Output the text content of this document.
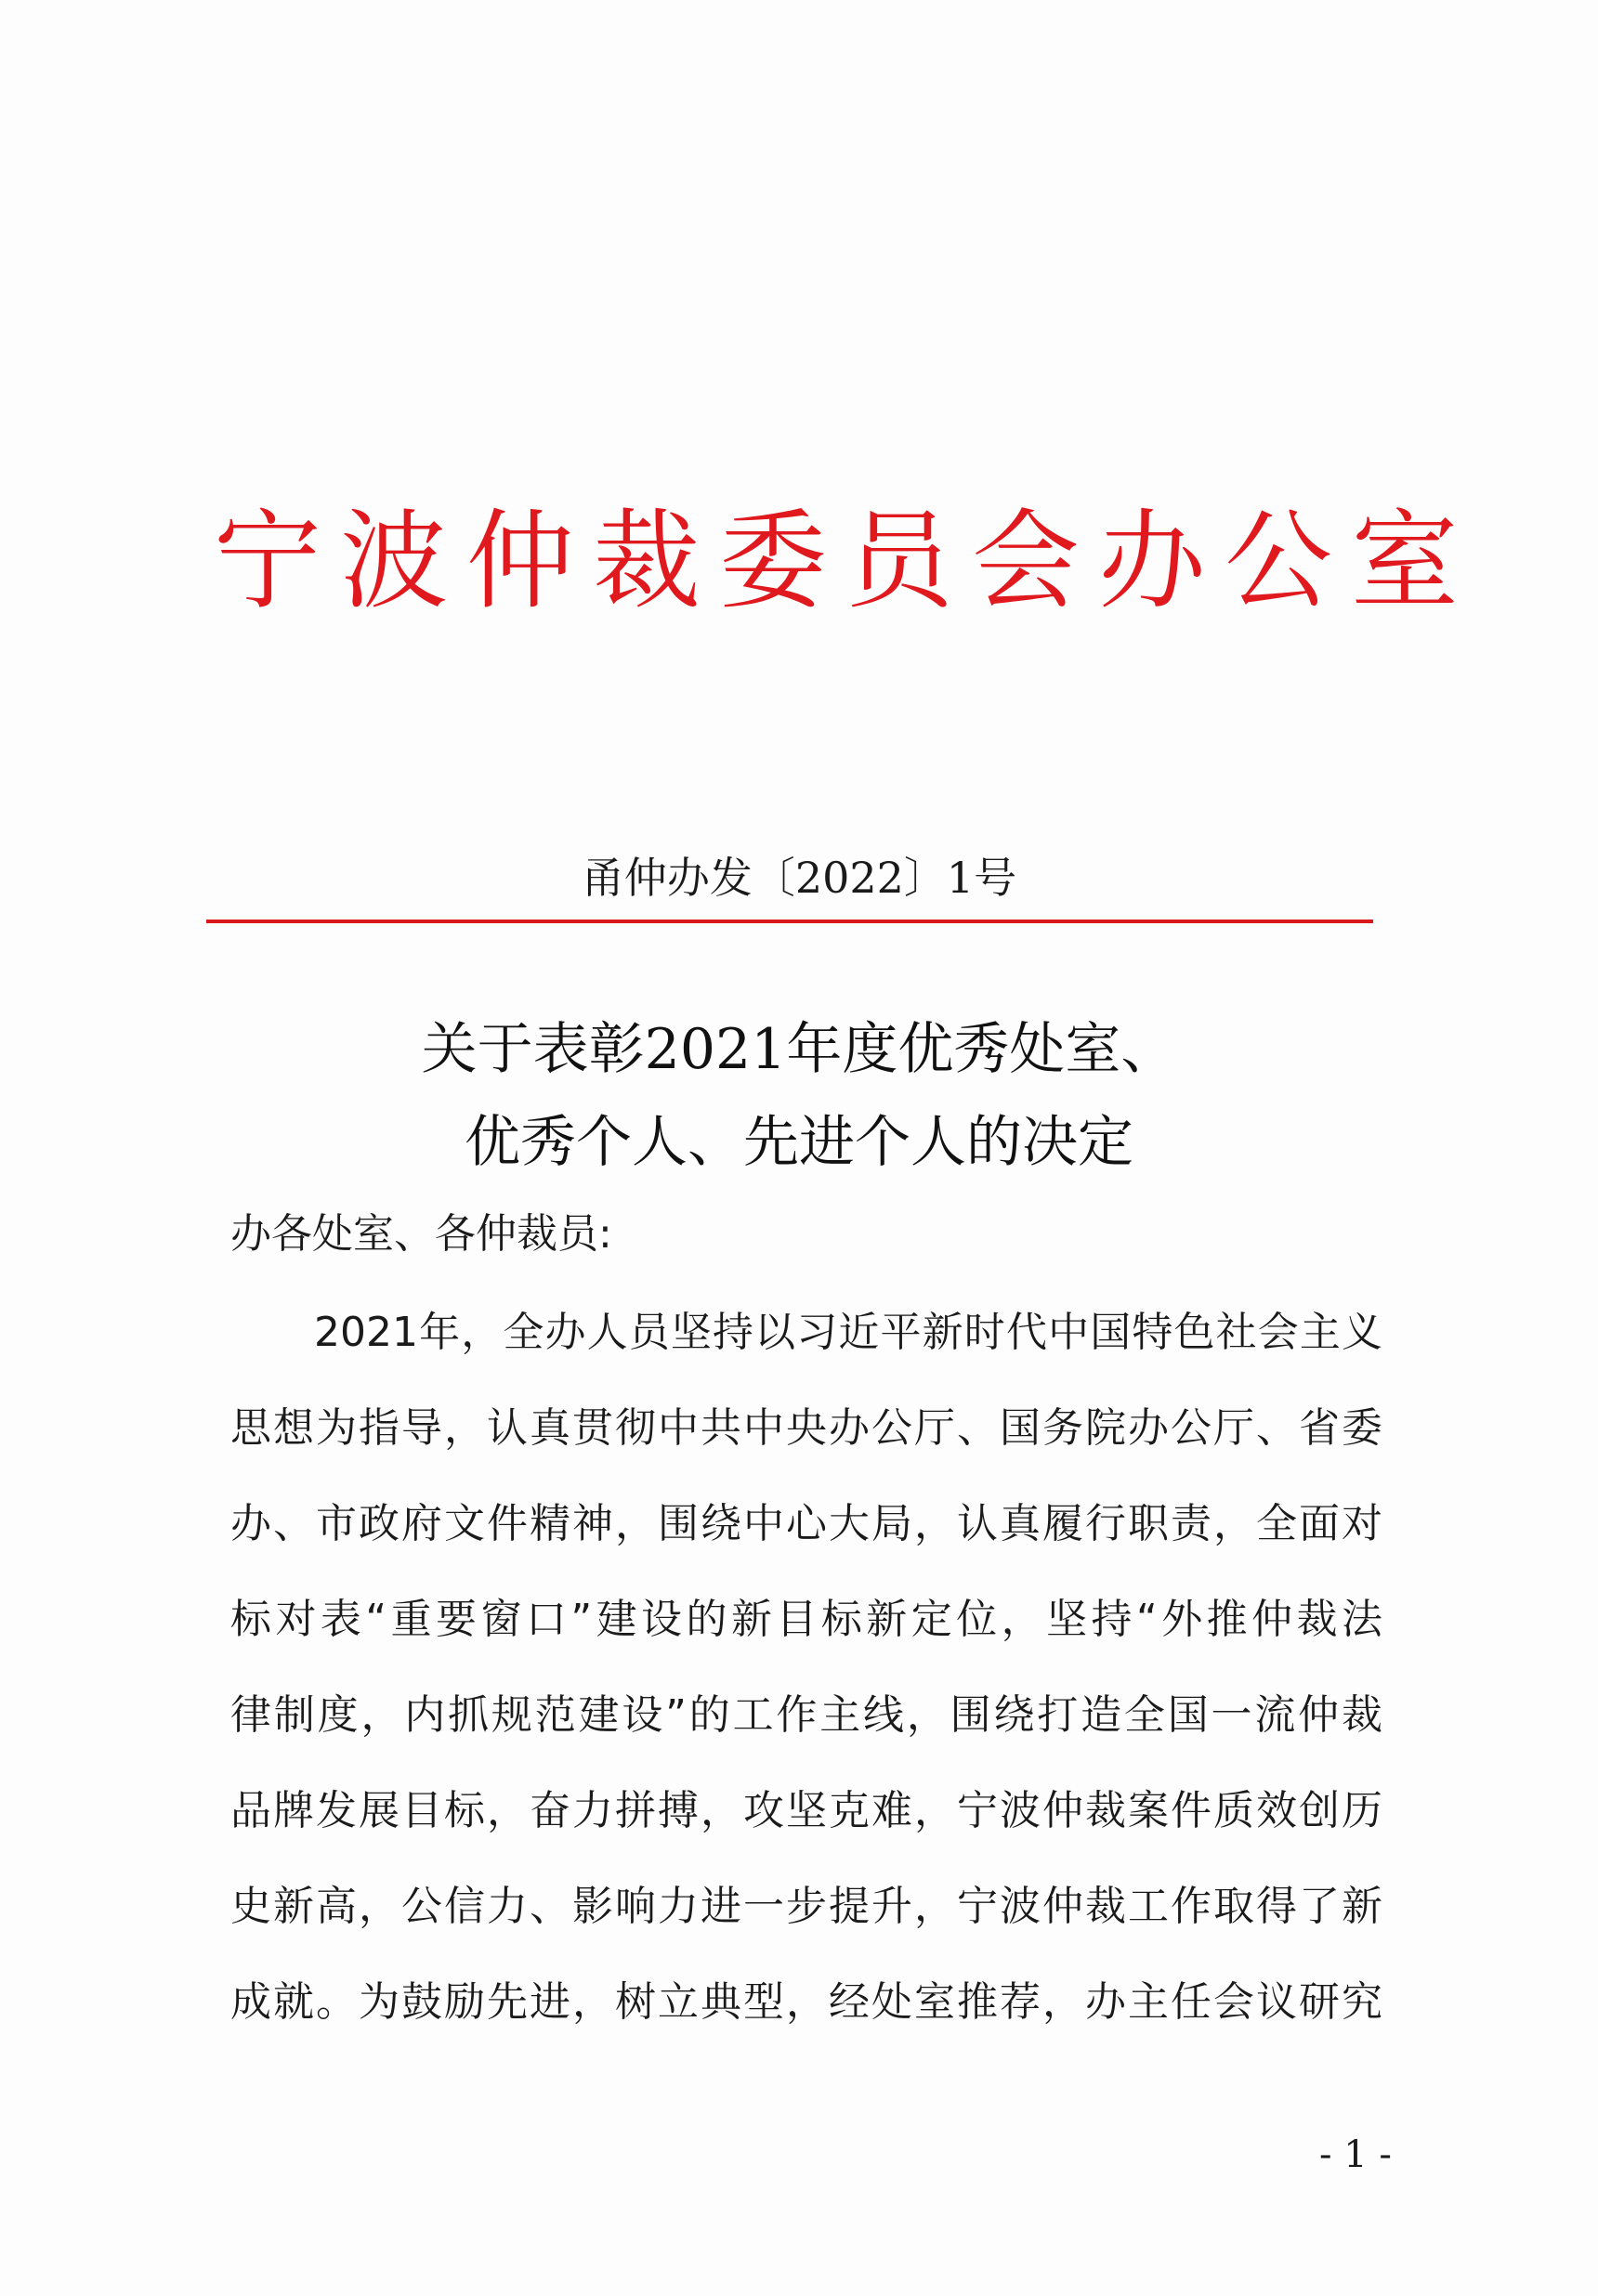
宁波仲裁委员会办公室
甬仲办发〔2022〕1号
关于表彰2021年度优秀处室、
优秀个人、先进个人的决定

办各处室、各仲裁员:

2021年，全办人员坚持以习近平新时代中国特色社会主义

思想为指导，认真贯彻中共中央办公厅、国务院办公厅、省委

办、市政府文件精神，围绕中心大局，认真履行职责，全面对

标对表“重要窗口”建设的新目标新定位，坚持“外推仲裁法

律制度，内抓规范建设”的工作主线，围绕打造全国一流仲裁

品牌发展目标，奋力拼搏，攻坚克难，宁波仲裁案件质效创历

史新高，公信力、影响力进一步提升，宁波仲裁工作取得了新

成就。为鼓励先进，树立典型，经处室推荐，办主任会议研究

- 1 -
